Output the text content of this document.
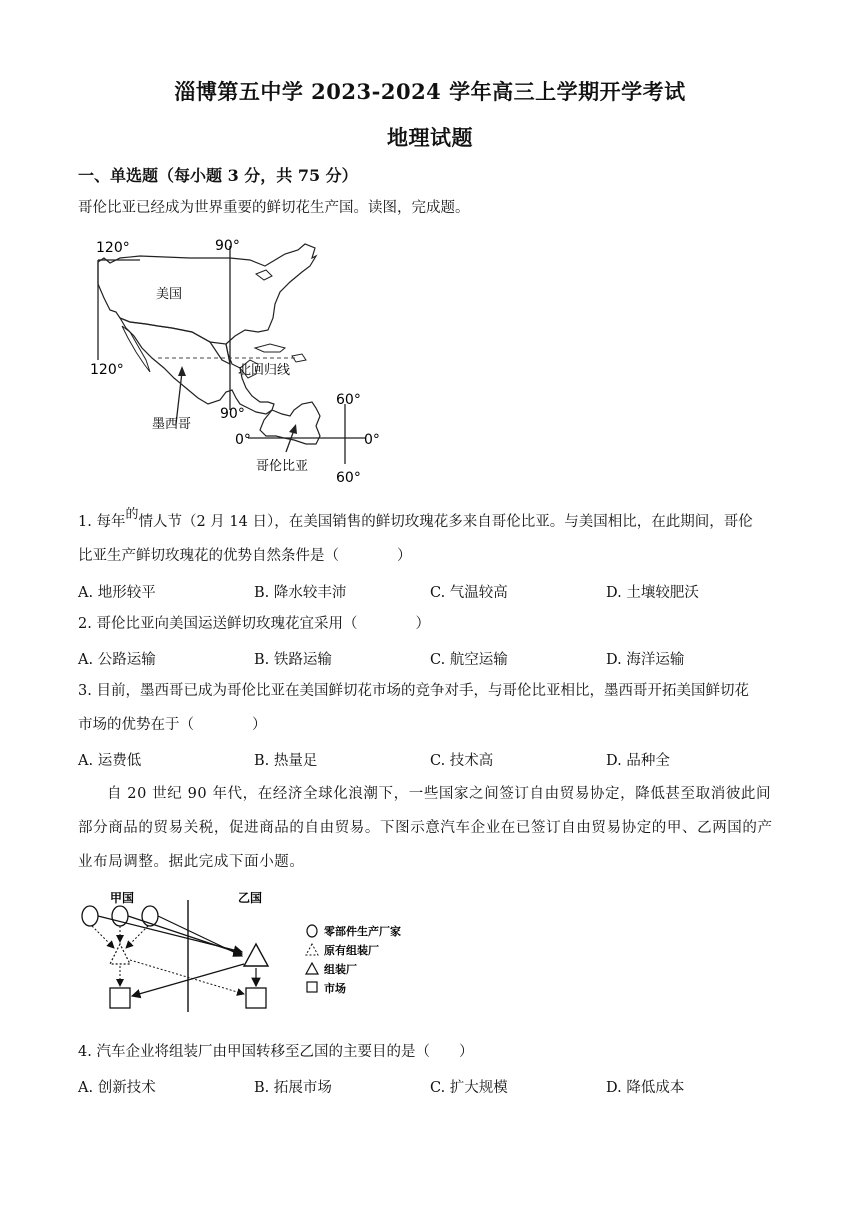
淄博第五中学 2023-2024 学年高三上学期开学考试
地理试题
一、单选题（每小题 3 分，共 75 分）
哥伦比亚已经成为世界重要的鲜切花生产国。读图，完成题。
120°	90°
美国
120°	北回归线
90°
墨西哥
60°
0°	0°
哥伦比亚
60°
1. 每年的情人节（2 月 14 日），在美国销售的鲜切玫瑰花多来自哥伦比亚。与美国相比，在此期间，哥伦
比亚生产鲜切玫瑰花的优势自然条件是（　　　　）
A. 地形较平	B. 降水较丰沛	C. 气温较高	D. 土壤较肥沃
2. 哥伦比亚向美国运送鲜切玫瑰花宜采用（　　　　）
A. 公路运输	B. 铁路运输	C. 航空运输	D. 海洋运输
3. 目前，墨西哥已成为哥伦比亚在美国鲜切花市场的竞争对手，与哥伦比亚相比，墨西哥开拓美国鲜切花
市场的优势在于（　　　　）
A. 运费低	B. 热量足	C. 技术高	D. 品种全
自 20 世纪 90 年代，在经济全球化浪潮下，一些国家之间签订自由贸易协定，降低甚至取消彼此间部分商品的贸易关税，促进商品的自由贸易。下图示意汽车企业在已签订自由贸易协定的甲、乙两国的产业布局调整。据此完成下面小题。
甲国	乙国
零部件生产厂家
原有组装厂
组装厂
市场
4. 汽车企业将组装厂由甲国转移至乙国的主要目的是（　　）
A. 创新技术	B. 拓展市场	C. 扩大规模	D. 降低成本
